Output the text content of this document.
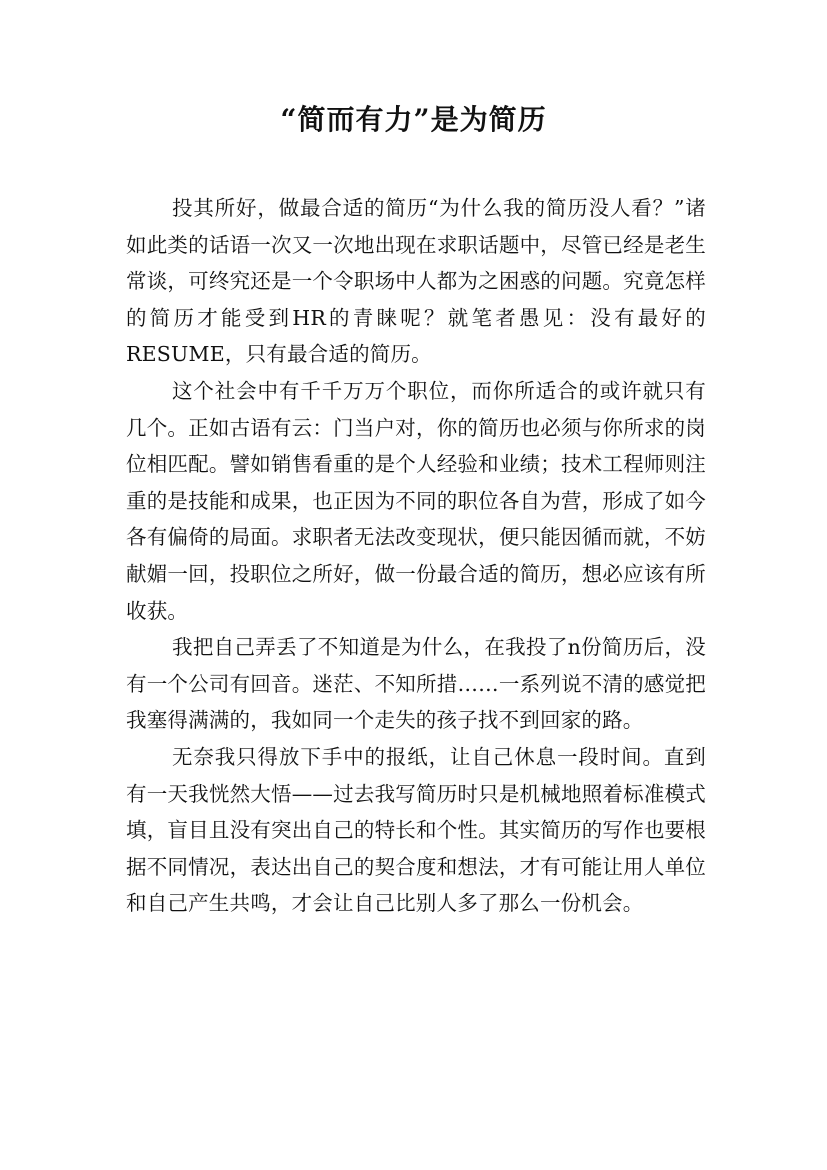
“简而有力”是为简历

投其所好，做最合适的简历“为什么我的简历没人看？”诸如此类的话语一次又一次地出现在求职话题中，尽管已经是老生常谈，可终究还是一个令职场中人都为之困惑的问题。究竟怎样的简历才能受到HR的青睐呢？就笔者愚见：没有最好的RESUME，只有最合适的简历。

这个社会中有千千万万个职位，而你所适合的或许就只有几个。正如古语有云：门当户对，你的简历也必须与你所求的岗位相匹配。譬如销售看重的是个人经验和业绩；技术工程师则注重的是技能和成果，也正因为不同的职位各自为营，形成了如今各有偏倚的局面。求职者无法改变现状，便只能因循而就，不妨献媚一回，投职位之所好，做一份最合适的简历，想必应该有所收获。

我把自己弄丢了不知道是为什么，在我投了n份简历后，没有一个公司有回音。迷茫、不知所措……一系列说不清的感觉把我塞得满满的，我如同一个走失的孩子找不到回家的路。

无奈我只得放下手中的报纸，让自己休息一段时间。直到有一天我恍然大悟——过去我写简历时只是机械地照着标准模式填，盲目且没有突出自己的特长和个性。其实简历的写作也要根据不同情况，表达出自己的契合度和想法，才有可能让用人单位和自己产生共鸣，才会让自己比别人多了那么一份机会。
